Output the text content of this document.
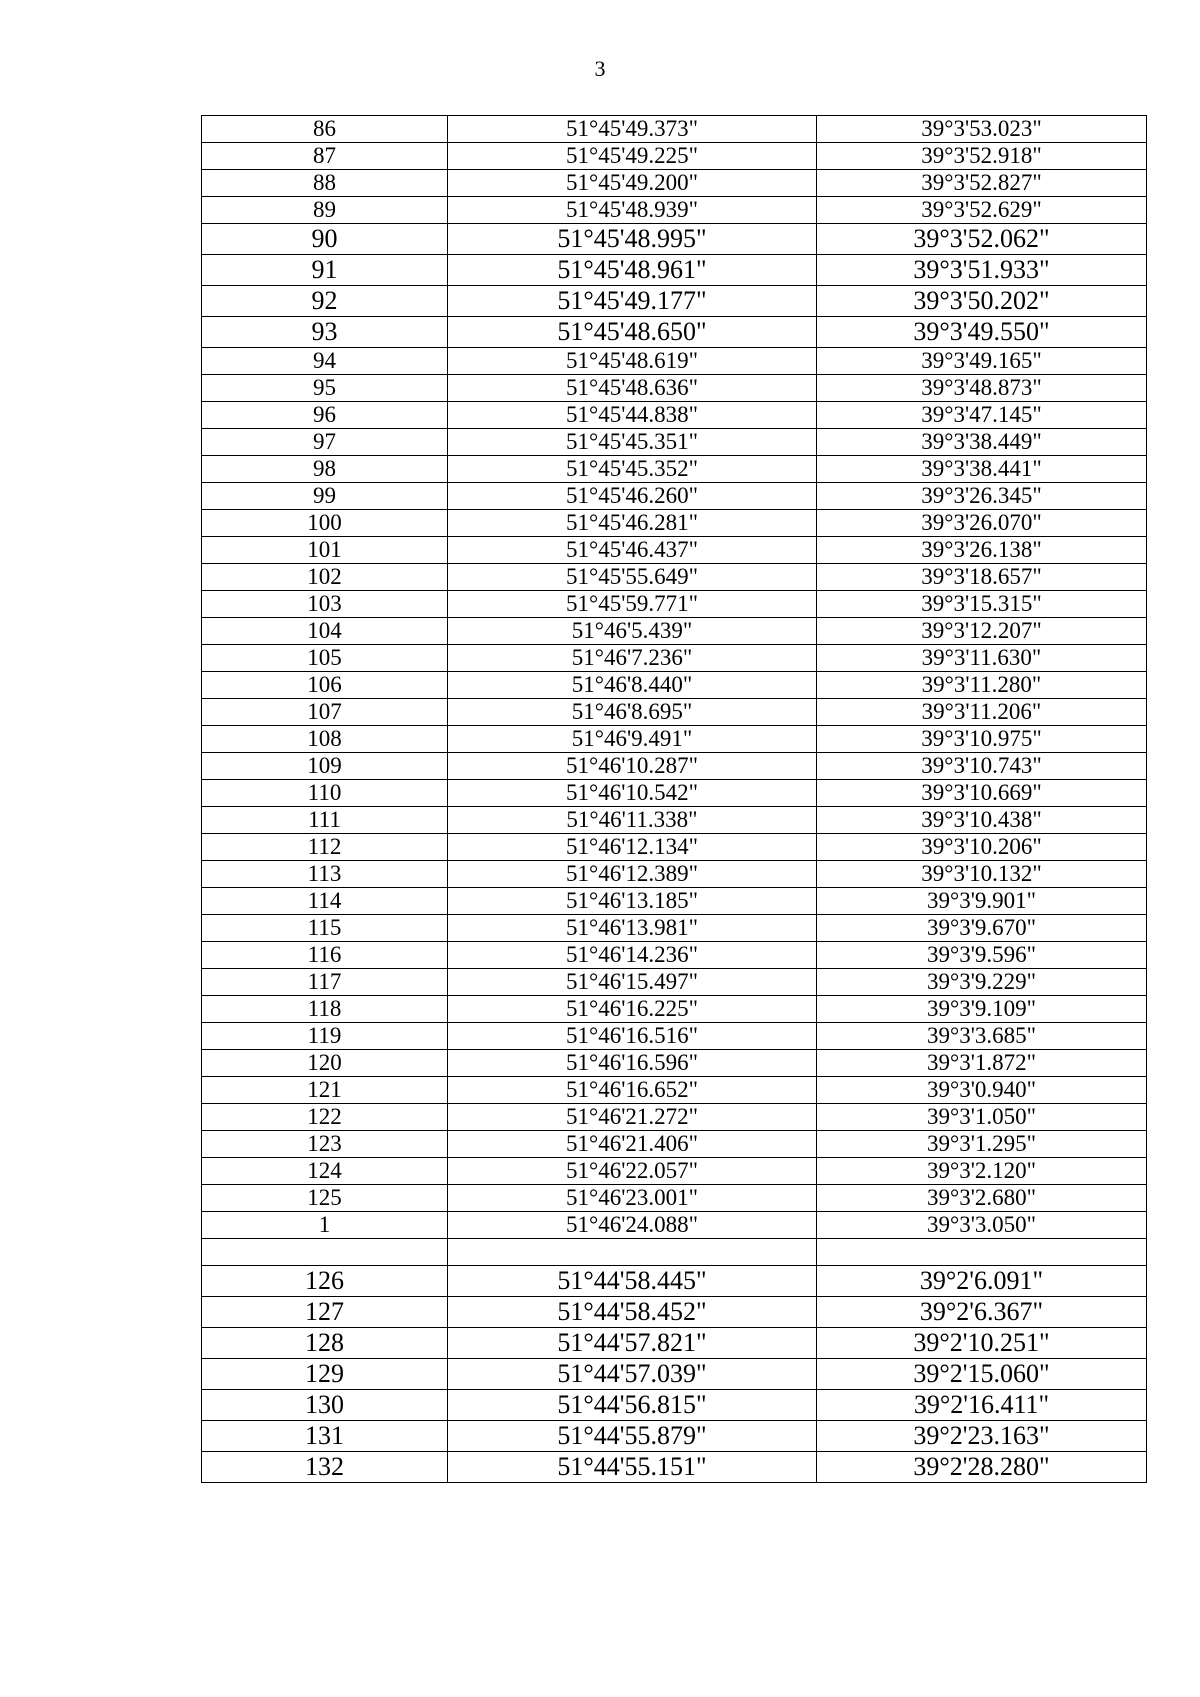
3
86	51°45'49.373"	39°3'53.023"
87	51°45'49.225"	39°3'52.918"
88	51°45'49.200"	39°3'52.827"
89	51°45'48.939"	39°3'52.629"
90	51°45'48.995"	39°3'52.062"
91	51°45'48.961"	39°3'51.933"
92	51°45'49.177"	39°3'50.202"
93	51°45'48.650"	39°3'49.550"
94	51°45'48.619"	39°3'49.165"
95	51°45'48.636"	39°3'48.873"
96	51°45'44.838"	39°3'47.145"
97	51°45'45.351"	39°3'38.449"
98	51°45'45.352"	39°3'38.441"
99	51°45'46.260"	39°3'26.345"
100	51°45'46.281"	39°3'26.070"
101	51°45'46.437"	39°3'26.138"
102	51°45'55.649"	39°3'18.657"
103	51°45'59.771"	39°3'15.315"
104	51°46'5.439"	39°3'12.207"
105	51°46'7.236"	39°3'11.630"
106	51°46'8.440"	39°3'11.280"
107	51°46'8.695"	39°3'11.206"
108	51°46'9.491"	39°3'10.975"
109	51°46'10.287"	39°3'10.743"
110	51°46'10.542"	39°3'10.669"
111	51°46'11.338"	39°3'10.438"
112	51°46'12.134"	39°3'10.206"
113	51°46'12.389"	39°3'10.132"
114	51°46'13.185"	39°3'9.901"
115	51°46'13.981"	39°3'9.670"
116	51°46'14.236"	39°3'9.596"
117	51°46'15.497"	39°3'9.229"
118	51°46'16.225"	39°3'9.109"
119	51°46'16.516"	39°3'3.685"
120	51°46'16.596"	39°3'1.872"
121	51°46'16.652"	39°3'0.940"
122	51°46'21.272"	39°3'1.050"
123	51°46'21.406"	39°3'1.295"
124	51°46'22.057"	39°3'2.120"
125	51°46'23.001"	39°3'2.680"
1	51°46'24.088"	39°3'3.050"

126	51°44'58.445"	39°2'6.091"
127	51°44'58.452"	39°2'6.367"
128	51°44'57.821"	39°2'10.251"
129	51°44'57.039"	39°2'15.060"
130	51°44'56.815"	39°2'16.411"
131	51°44'55.879"	39°2'23.163"
132	51°44'55.151"	39°2'28.280"
